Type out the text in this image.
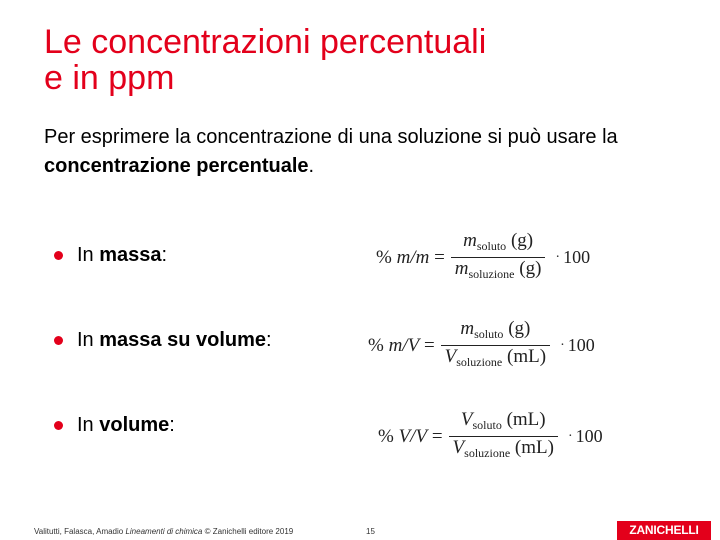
Le concentrazioni percentuali
e in ppm
Per esprimere la concentrazione di una soluzione si può usare la concentrazione percentuale.
In
massa :	% $m/m = \frac{m_{soluto} (g)}{m_{soluzione} (g)} \cdot 100$
In
massa su volume :	% $m/V = \frac{m_{soluto} (g)}{V_{soluzione} (mL)} \cdot 100$
In
volume :
% $V/V = \frac{V_{soluto} (mL)}{V_{soluzione} (mL)} \cdot 100$
Valitutti, Falasca, Amadio Lineamenti di chimica © Zanichelli editore 2019	15	ZANICHELLI
